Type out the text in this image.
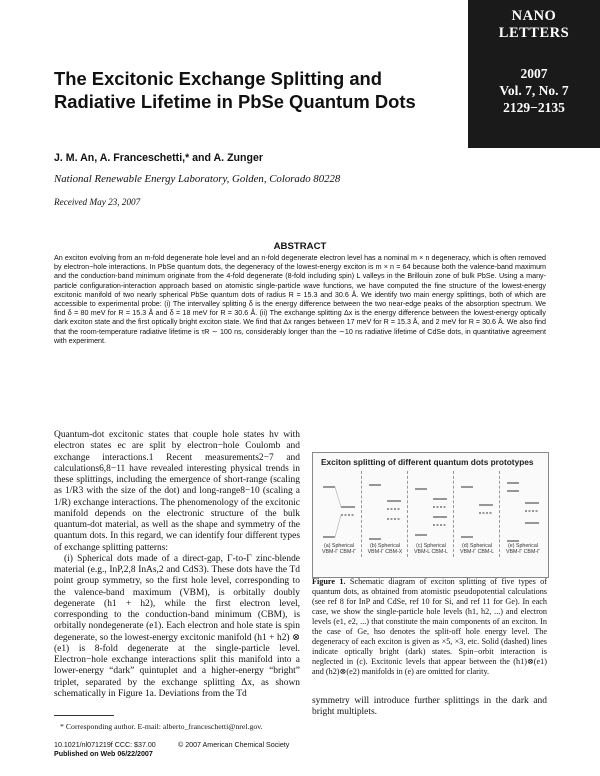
NANO
LETTERS
2007
Vol. 7, No. 7
2129−2135
The Excitonic Exchange Splitting and Radiative Lifetime in PbSe Quantum Dots
J. M. An, A. Franceschetti,* and A. Zunger
National Renewable Energy Laboratory, Golden, Colorado 80228
Received May 23, 2007
ABSTRACT

An exciton evolving from an m-fold degenerate hole level and an n-fold degenerate electron level has a nominal m × n degeneracy, which is often removed by electron−hole interactions. In PbSe quantum dots, the degeneracy of the lowest-energy exciton is m × n = 64 because both the valence-band maximum and the conduction-band minimum originate from the 4-fold degenerate (8-fold including spin) L valleys in the Brillouin zone of bulk PbSe. Using a many-particle configuration-interaction approach based on atomistic single-particle wave functions, we have computed the fine structure of the lowest-energy excitonic manifold of two nearly spherical PbSe quantum dots of radius R = 15.3 and 30.6 Å. We identify two main energy splittings, both of which are accessible to experimental probe: (i) The intervalley splitting δ is the energy difference between the two near-edge peaks of the absorption spectrum. We find δ = 80 meV for R = 15.3 Å and δ = 18 meV for R = 30.6 Å. (ii) The exchange splitting Δx is the energy difference between the lowest-energy optically dark exciton state and the first optically bright exciton state. We find that Δx ranges between 17 meV for R = 15.3 Å, and 2 meV for R = 30.6 Å. We also find that the room-temperature radiative lifetime is τR ∼ 100 ns, considerably longer than the ∼10 ns radiative lifetime of CdSe dots, in quantitative agreement with experiment.

Quantum-dot excitonic states that couple hole states hv with electron states ec are split by electron−hole Coulomb and exchange interactions.1 Recent measurements2−7 and calculations6,8−11 have revealed interesting physical trends in these splittings, including the emergence of short-range (scaling as 1/R3 with the size of the dot) and long-range8−10 (scaling a 1/R) exchange interactions. The phenomenology of the excitonic manifold depends on the electronic structure of the bulk quantum-dot material, as well as the shape and symmetry of the quantum dots. In this regard, we can identify four different types of exchange splitting patterns:

(i) Spherical dots made of a direct-gap, Γ-to-Γ zinc-blende material (e.g., InP,2,8 InAs,2 and CdS3). These dots have the Td point group symmetry, so the first hole level, corresponding to the valence-band maximum (VBM), is orbitally doubly degenerate (h1 + h2), while the first electron level, corresponding to the conduction-band minimum (CBM), is orbitally nondegenerate (e1). Each electron and hole state is spin degenerate, so the lowest-energy excitonic manifold (h1 + h2) ⊗ (e1) is 8-fold degenerate at the single-particle level. Electron−hole exchange interactions split this manifold into a lower-energy “dark” quintuplet and a higher-energy “bright” triplet, separated by the exchange splitting Δx, as shown schematically in Figure 1a. Deviations from the Td

Exciton splitting of different quantum dots prototypes
(a) Spherical VBM-Γ CBM-Γ
(b) Spherical VBM-Γ CBM-X
(c) Spherical VBM-L CBM-L
(d) Spherical VBM-Γ CBM-L
(e) Spherical VBM-Γ CBM-Γ

Figure 1. Schematic diagram of exciton splitting of five types of quantum dots, as obtained from atomistic pseudopotential calculations (see ref 8 for InP and CdSe, ref 10 for Si, and ref 11 for Ge). In each case, we show the single-particle hole levels (h1, h2, ...) and electron levels (e1, e2, ...) that constitute the main components of an exciton. In the case of Ge, hso denotes the split-off hole energy level. The degeneracy of each exciton is given as ×5, ×3, etc. Solid (dashed) lines indicate optically bright (dark) states. Spin−orbit interaction is neglected in (c). Excitonic levels that appear between the (h1)⊗(e1) and (h2)⊗(e2) manifolds in (e) are omitted for clarity.

symmetry will introduce further splittings in the dark and bright multiplets.

* Corresponding author. E-mail: alberto_franceschetti@nrel.gov.
10.1021/nl071219f CCC: $37.00	© 2007 American Chemical Society
Published on Web 06/22/2007
